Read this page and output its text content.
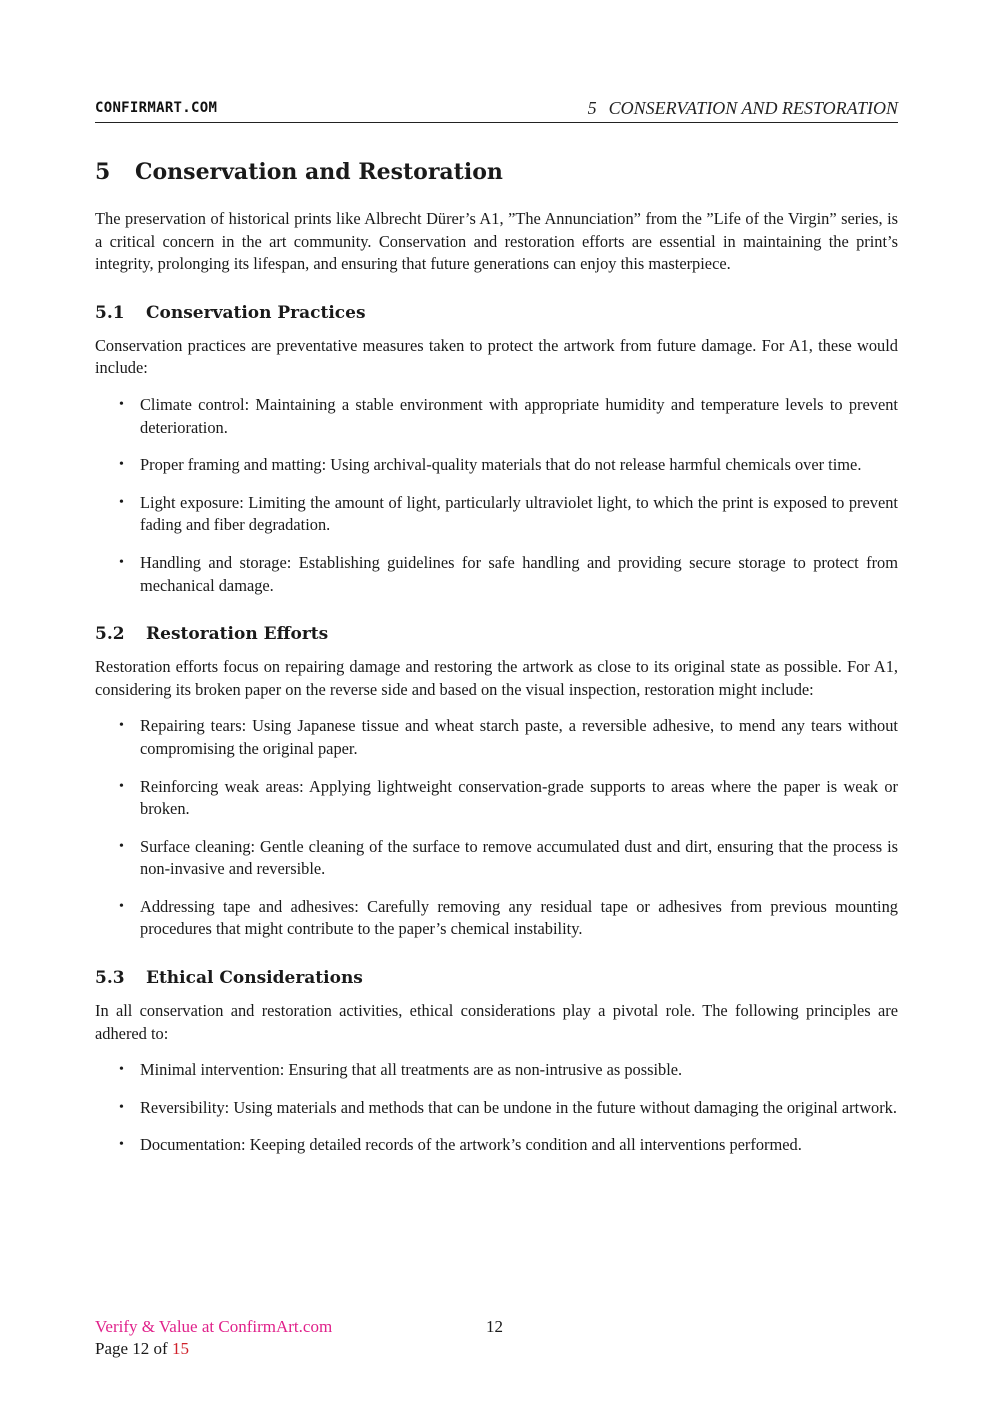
CONFIRMART.COM	5 CONSERVATION AND RESTORATION
5 Conservation and Restoration

The preservation of historical prints like Albrecht Dürer’s A1, ”The Annunciation” from the ”Life of the Virgin” series, is a critical concern in the art community. Conservation and restoration efforts are essential in maintaining the print’s integrity, prolonging its lifespan, and ensuring that future generations can enjoy this masterpiece.

5.1 Conservation Practices

Conservation practices are preventative measures taken to protect the artwork from future damage. For A1, these would include:

• Climate control: Maintaining a stable environment with appropriate humidity and temperature levels to prevent deterioration.
• Proper framing and matting: Using archival-quality materials that do not release harmful chemicals over time.
• Light exposure: Limiting the amount of light, particularly ultraviolet light, to which the print is exposed to prevent fading and fiber degradation.
• Handling and storage: Establishing guidelines for safe handling and providing secure storage to protect from mechanical damage.
5.2 Restoration Efforts

Restoration efforts focus on repairing damage and restoring the artwork as close to its original state as possible. For A1, considering its broken paper on the reverse side and based on the visual inspection, restoration might include:

• Repairing tears: Using Japanese tissue and wheat starch paste, a reversible adhesive, to mend any tears without compromising the original paper.
• Reinforcing weak areas: Applying lightweight conservation-grade supports to areas where the paper is weak or broken.
• Surface cleaning: Gentle cleaning of the surface to remove accumulated dust and dirt, ensuring that the process is non-invasive and reversible.
• Addressing tape and adhesives: Carefully removing any residual tape or adhesives from previous mounting procedures that might contribute to the paper’s chemical instability.
5.3 Ethical Considerations

In all conservation and restoration activities, ethical considerations play a pivotal role. The following principles are adhered to:

• Minimal intervention: Ensuring that all treatments are as non-intrusive as possible.
• Reversibility: Using materials and methods that can be undone in the future without damaging the original artwork.
• Documentation: Keeping detailed records of the artwork’s condition and all interventions performed.
Verify & Value at ConfirmArt.com	12
Page 12 of 15
